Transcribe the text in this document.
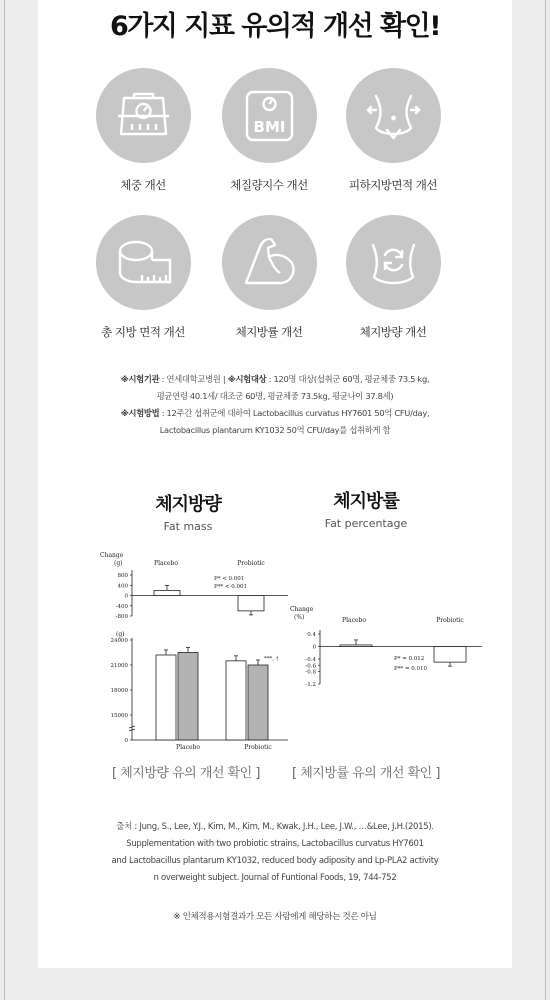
6가지 지표 유의적 개선 확인!
체중 개선
BMI
체질량지수 개선	피하지방면적 개선
총 지방 면적 개선	체지방률 개선	체지방량 개선
※시험기관 : 연세대학교병원 | ※시험대상 : 120명 대상(섭취군 60명, 평균체중 73.5 kg,
평균연령 40.1세/ 대조군 60명, 평균체중 73.5kg, 평균나이 37.8세)
※시험방법 : 12주간 섭취군에 대하여 Lactobacillus curvatus HY7601 50억 CFU/day,
Lactobacillus plantarum KY1032 50억 CFU/day를 섭취하게 함
체지방량
Fat mass
체지방률
Fat percentage
Change
(g)	Placebo	Probiotic
800
400
0
-400
-800
P* < 0.001
P** < 0.001
(g)
24000
21000
18000
15000
0
***, †
Placebo	Probiotic
Change
(%)	Placebo	Probiotic
0.4
0
-0.4
-0.6
-0.8
-1.2
P* = 0.012
P** = 0.010
[ 체지방량 유의 개선 확인 ] [ 체지방률 유의 개선 확인 ]
출처 : Jung, S., Lee, Y.J., Kim, M., Kim, M., Kwak, J.H., Lee, J.W., …&Lee, J.H.(2015).
Supplementation with two probiotic strains, Lactobacillus curvatus HY7601
and Lactobacillus plantarum KY1032, reduced body adiposity and Lp-PLA2 activity
n overweight subject. Journal of Funtional Foods, 19, 744-752
※ 인체적용시험결과가 모든 사람에게 해당하는 것은 아님
